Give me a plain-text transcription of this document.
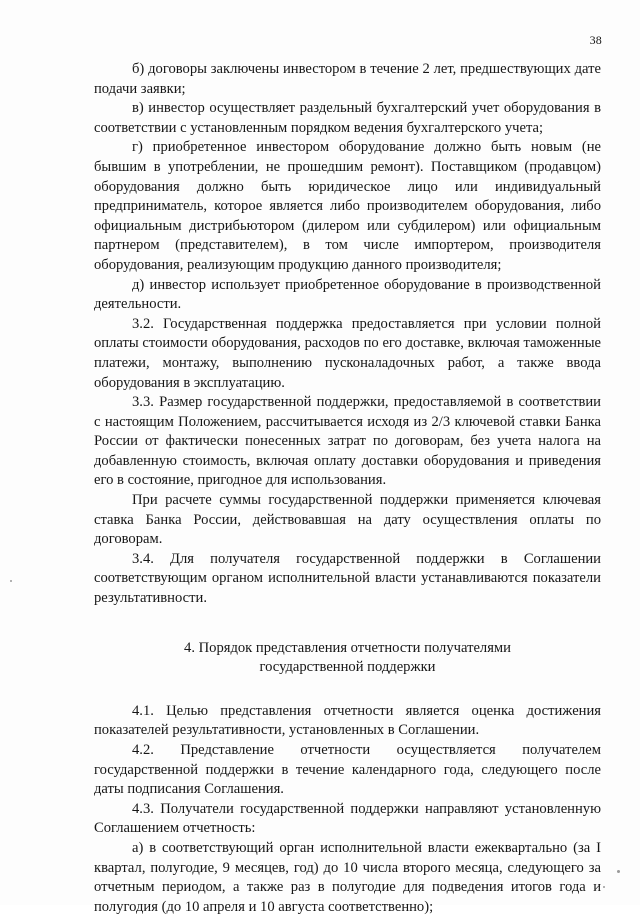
38

б) договоры заключены инвестором в течение 2 лет, предшествующих дате подачи заявки;

в) инвестор осуществляет раздельный бухгалтерский учет оборудования в соответствии с установленным порядком ведения бухгалтерского учета;

г) приобретенное инвестором оборудование должно быть новым (не бывшим в употреблении, не прошедшим ремонт). Поставщиком (продавцом) оборудования должно быть юридическое лицо или индивидуальный предприниматель, которое является либо производителем оборудования, либо официальным дистрибьютором (дилером или субдилером) или официальным партнером (представителем), в том числе импортером, производителя оборудования, реализующим продукцию данного производителя;

д) инвестор использует приобретенное оборудование в производственной деятельности.

3.2. Государственная поддержка предоставляется при условии полной оплаты стоимости оборудования, расходов по его доставке, включая таможенные платежи, монтажу, выполнению пусконаладочных работ, а также ввода оборудования в эксплуатацию.

3.3. Размер государственной поддержки, предоставляемой в соответствии с настоящим Положением, рассчитывается исходя из 2/3 ключевой ставки Банка России от фактически понесенных затрат по договорам, без учета налога на добавленную стоимость, включая оплату доставки оборудования и приведения его в состояние, пригодное для использования.

При расчете суммы государственной поддержки применяется ключевая ставка Банка России, действовавшая на дату осуществления оплаты по договорам.

3.4. Для получателя государственной поддержки в Соглашении соответствующим органом исполнительной власти устанавливаются показатели результативности.

4. Порядок представления отчетности получателями
государственной поддержки

4.1. Целью представления отчетности является оценка достижения показателей результативности, установленных в Соглашении.

4.2. Представление отчетности осуществляется получателем государственной поддержки в течение календарного года, следующего после даты подписания Соглашения.

4.3. Получатели государственной поддержки направляют установленную Соглашением отчетность:

а) в соответствующий орган исполнительной власти ежеквартально (за I квартал, полугодие, 9 месяцев, год) до 10 числа второго месяца, следующего за отчетным периодом, а также раз в полугодие для подведения итогов года и полугодия (до 10 апреля и 10 августа соответственно);
